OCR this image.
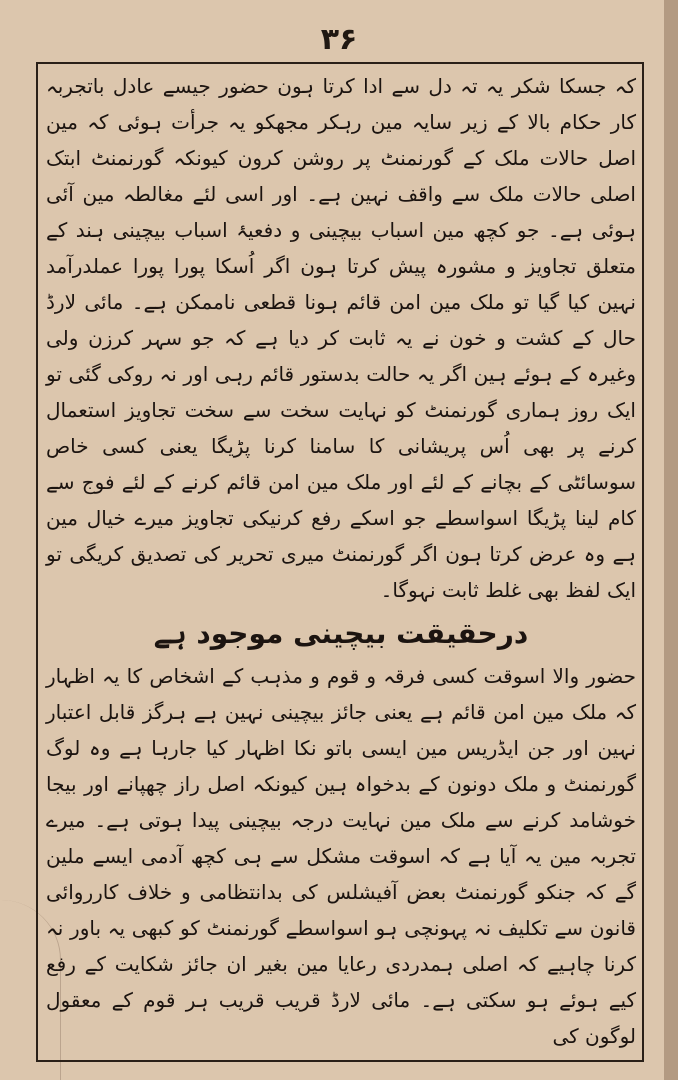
۳۶

کہ جسکا شکر یہ تہ دل سے ادا کرتا ہون حضور جیسے عادل باتجربہ کار حکام بالا کے زیر سایہ مین رہکر مجھکو یہ جرأت ہوئی کہ مین اصل حالات ملک کے گورنمنٹ پر روشن کرون کیونکہ گورنمنٹ ابتک اصلی حالات ملک سے واقف نہین ہے۔ اور اسی لئے مغالطہ مین آئی ہوئی ہے۔ جو کچھ مین اسباب بیچینی و دفعیۂ اسباب بیچینی ہند کے متعلق تجاویز و مشورہ پیش کرتا ہون اگر اُسکا پورا پورا عملدرآمد نہین کیا گیا تو ملک مین امن قائم ہونا قطعی ناممکن ہے۔ مائی لارڈ حال کے کشت و خون نے یہ ثابت کر دیا ہے کہ جو سہر کرزن ولی وغیرہ کے ہوئے ہین اگر یہ حالت بدستور قائم رہی اور نہ روکی گئی تو ایک روز ہماری گورنمنٹ کو نہایت سخت سے سخت تجاویز استعمال کرنے پر بھی اُس پریشانی کا سامنا کرنا پڑیگا یعنی کسی خاص سوسائٹی کے بچانے کے لئے اور ملک مین امن قائم کرنے کے لئے فوج سے کام لینا پڑیگا اسواسطے جو اسکے رفع کرنیکی تجاویز میرے خیال مین ہے وہ عرض کرتا ہون اگر گورنمنٹ میری تحریر کی تصدیق کریگی تو ایک لفظ بھی غلط ثابت نہوگا۔

درحقیقت بیچینی موجود ہے

حضور والا اسوقت کسی فرقہ و قوم و مذہب کے اشخاص کا یہ اظہار کہ ملک مین امن قائم ہے یعنی جائز بیچینی نہین ہے ہرگز قابل اعتبار نہین اور جن ایڈریس مین ایسی باتو نکا اظہار کیا جارہا ہے وہ لوگ گورنمنٹ و ملک دونون کے بدخواہ ہین کیونکہ اصل راز چھپانے اور بیجا خوشامد کرنے سے ملک مین نہایت درجہ بیچینی پیدا ہوتی ہے۔ میرے تجربہ مین یہ آیا ہے کہ اسوقت مشکل سے ہی کچھ آدمی ایسے ملین گے کہ جنکو گورنمنٹ بعض آفیشلس کی بدانتظامی و خلاف کارروائی قانون سے تکلیف نہ پہونچی ہو اسواسطے گورنمنٹ کو کبھی یہ باور نہ کرنا چاہیے کہ اصلی ہمدردی رعایا مین بغیر ان جائز شکایت کے رفع کیے ہوئے ہو سکتی ہے۔ مائی لارڈ قریب قریب ہر قوم کے معقول لوگون کی
